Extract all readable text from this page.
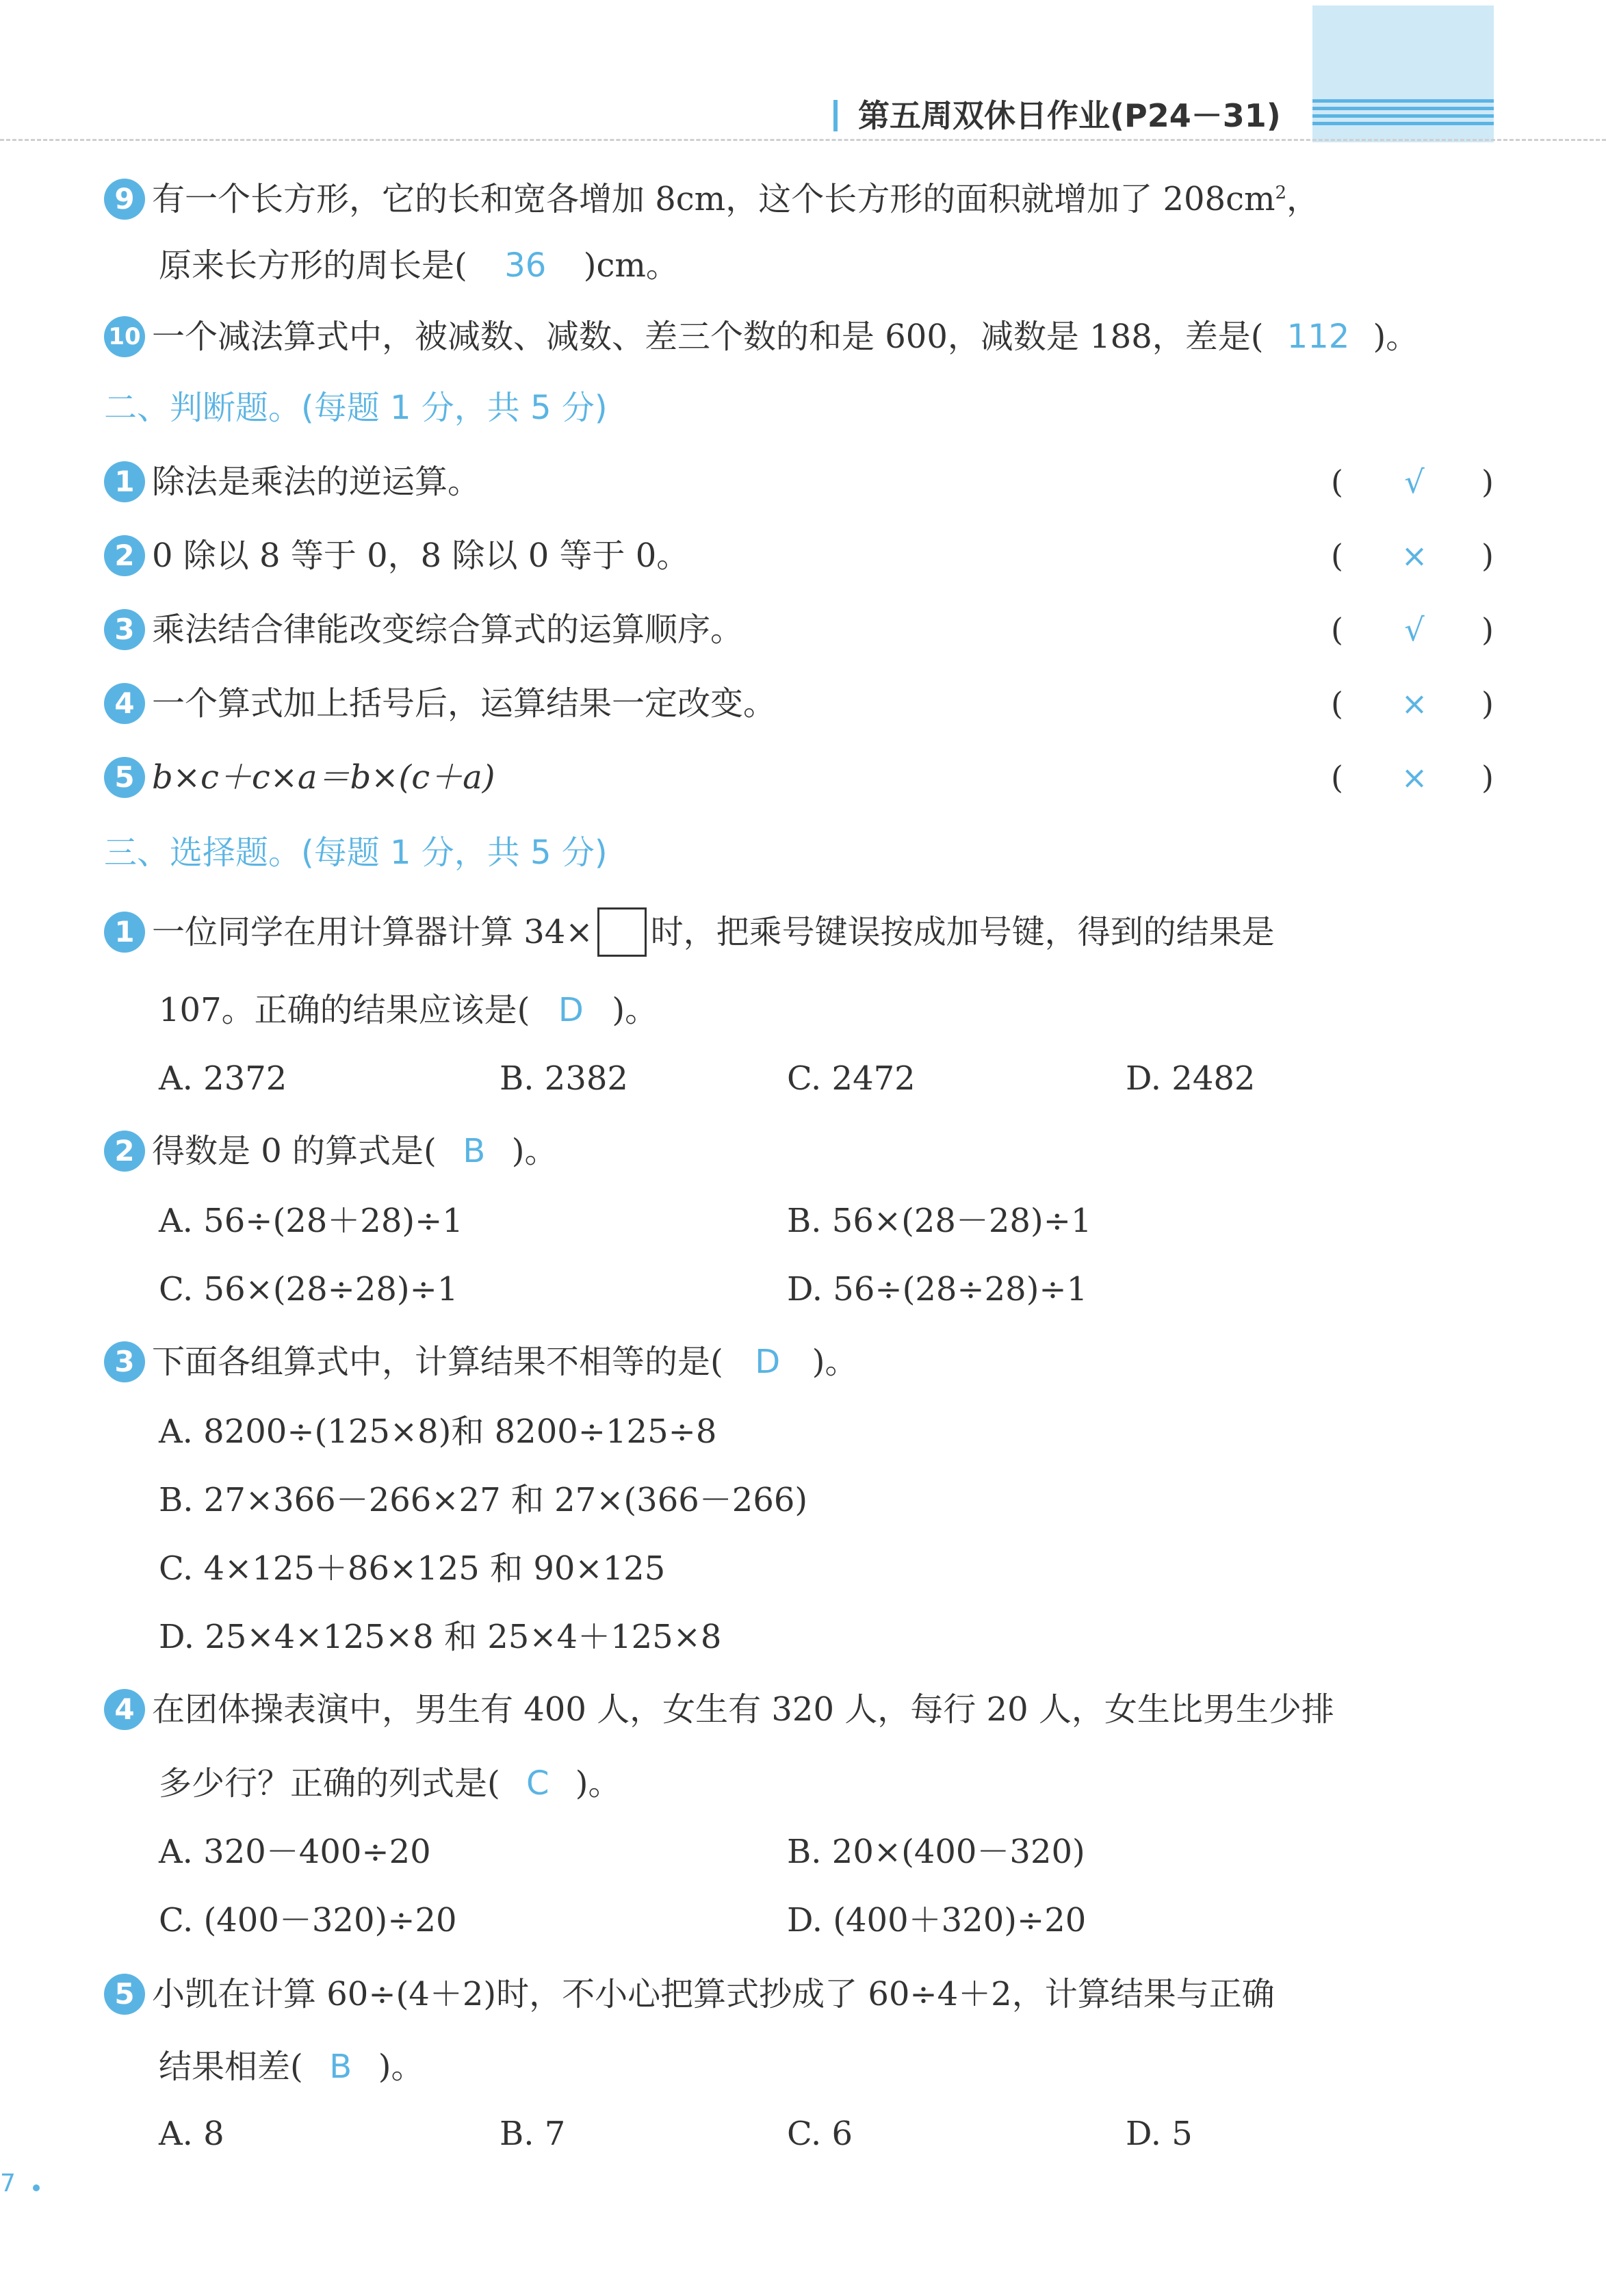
第五周双休日作业(P24－31)
9 有一个长方形，它的长和宽各增加 8cm，这个长方形的面积就增加了 $208cm^2$，
原来长方形的周长是( 36 )cm。
10 一个减法算式中，被减数、减数、差三个数的和是 600，减数是 188，差是( 112 )。
二、判断题。(每题 1 分，共 5 分)
1 除法是乘法的逆运算。	(	√	)
2 0 除以 8 等于 0，8 除以 0 等于 0。	(	×	)
3 乘法结合律能改变综合算式的运算顺序。	(	√	)
4 一个算式加上括号后，运算结果一定改变。	(	×	)
5 b×c＋c×a＝b×(c＋a)	(	×	)
三、选择题。(每题 1 分，共 5 分)
1 一位同学在用计算器计算 34× 时，把乘号键误按成加号键，得到的结果是
107。正确的结果应该是( D )。
A. 2372	B. 2382	C. 2472	D. 2482
2 得数是 0 的算式是( B )。
A. 56÷(28＋28)÷1	B. 56×(28－28)÷1
C. 56×(28÷28)÷1	D. 56÷(28÷28)÷1
3 下面各组算式中，计算结果不相等的是( D )。
A. 8200÷(125×8)和 8200÷125÷8
B. 27×366－266×27 和 27×(366－266)
C. 4×125＋86×125 和 90×125
D. 25×4×125×8 和 25×4＋125×8
4 在团体操表演中，男生有 400 人，女生有 320 人，每行 20 人，女生比男生少排
多少行？正确的列式是( C )。
A. 320－400÷20	B. 20×(400－320)
C. (400－320)÷20	D. (400＋320)÷20
5 小凯在计算 60÷(4＋2)时，不小心把算式抄成了 60÷4＋2，计算结果与正确
结果相差( B )。
A. 8	B. 7	C. 6	D. 5
7
